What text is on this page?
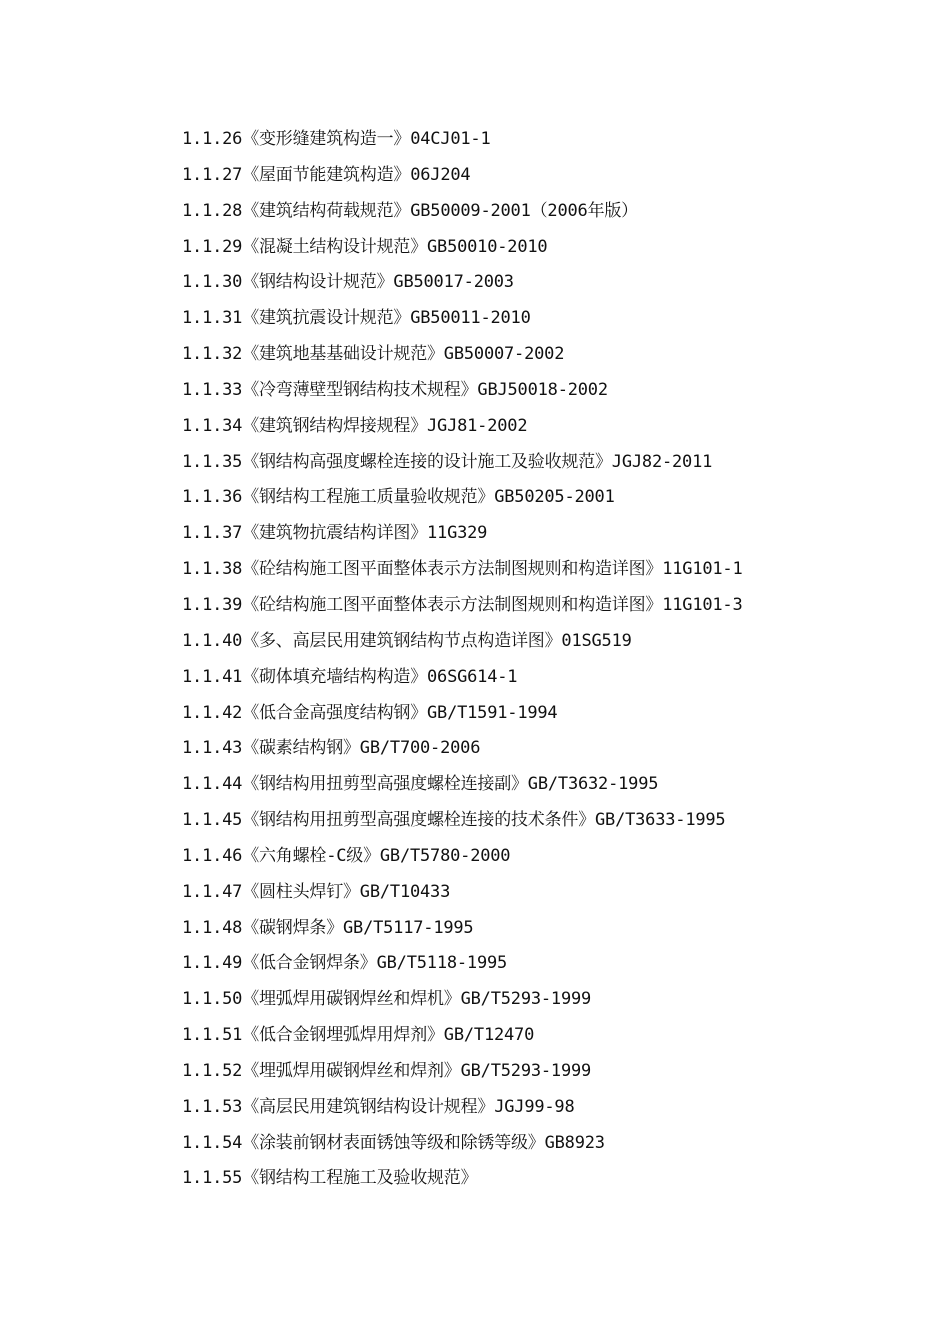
1.1.26《变形缝建筑构造一》04CJ01-1
1.1.27《屋面节能建筑构造》06J204
1.1.28《建筑结构荷载规范》GB50009-2001（2006年版）
1.1.29《混凝土结构设计规范》GB50010-2010
1.1.30《钢结构设计规范》GB50017-2003
1.1.31《建筑抗震设计规范》GB50011-2010
1.1.32《建筑地基基础设计规范》GB50007-2002
1.1.33《冷弯薄壁型钢结构技术规程》GBJ50018-2002
1.1.34《建筑钢结构焊接规程》JGJ81-2002
1.1.35《钢结构高强度螺栓连接的设计施工及验收规范》JGJ82-2011
1.1.36《钢结构工程施工质量验收规范》GB50205-2001
1.1.37《建筑物抗震结构详图》11G329
1.1.38《砼结构施工图平面整体表示方法制图规则和构造详图》11G101-1
1.1.39《砼结构施工图平面整体表示方法制图规则和构造详图》11G101-3
1.1.40《多、高层民用建筑钢结构节点构造详图》01SG519
1.1.41《砌体填充墙结构构造》06SG614-1
1.1.42《低合金高强度结构钢》GB/T1591-1994
1.1.43《碳素结构钢》GB/T700-2006
1.1.44《钢结构用扭剪型高强度螺栓连接副》GB/T3632-1995
1.1.45《钢结构用扭剪型高强度螺栓连接的技术条件》GB/T3633-1995
1.1.46《六角螺栓-C级》GB/T5780-2000
1.1.47《圆柱头焊钉》GB/T10433
1.1.48《碳钢焊条》GB/T5117-1995
1.1.49《低合金钢焊条》GB/T5118-1995
1.1.50《埋弧焊用碳钢焊丝和焊机》GB/T5293-1999
1.1.51《低合金钢埋弧焊用焊剂》GB/T12470
1.1.52《埋弧焊用碳钢焊丝和焊剂》GB/T5293-1999
1.1.53《高层民用建筑钢结构设计规程》JGJ99-98
1.1.54《涂装前钢材表面锈蚀等级和除锈等级》GB8923
1.1.55《钢结构工程施工及验收规范》
